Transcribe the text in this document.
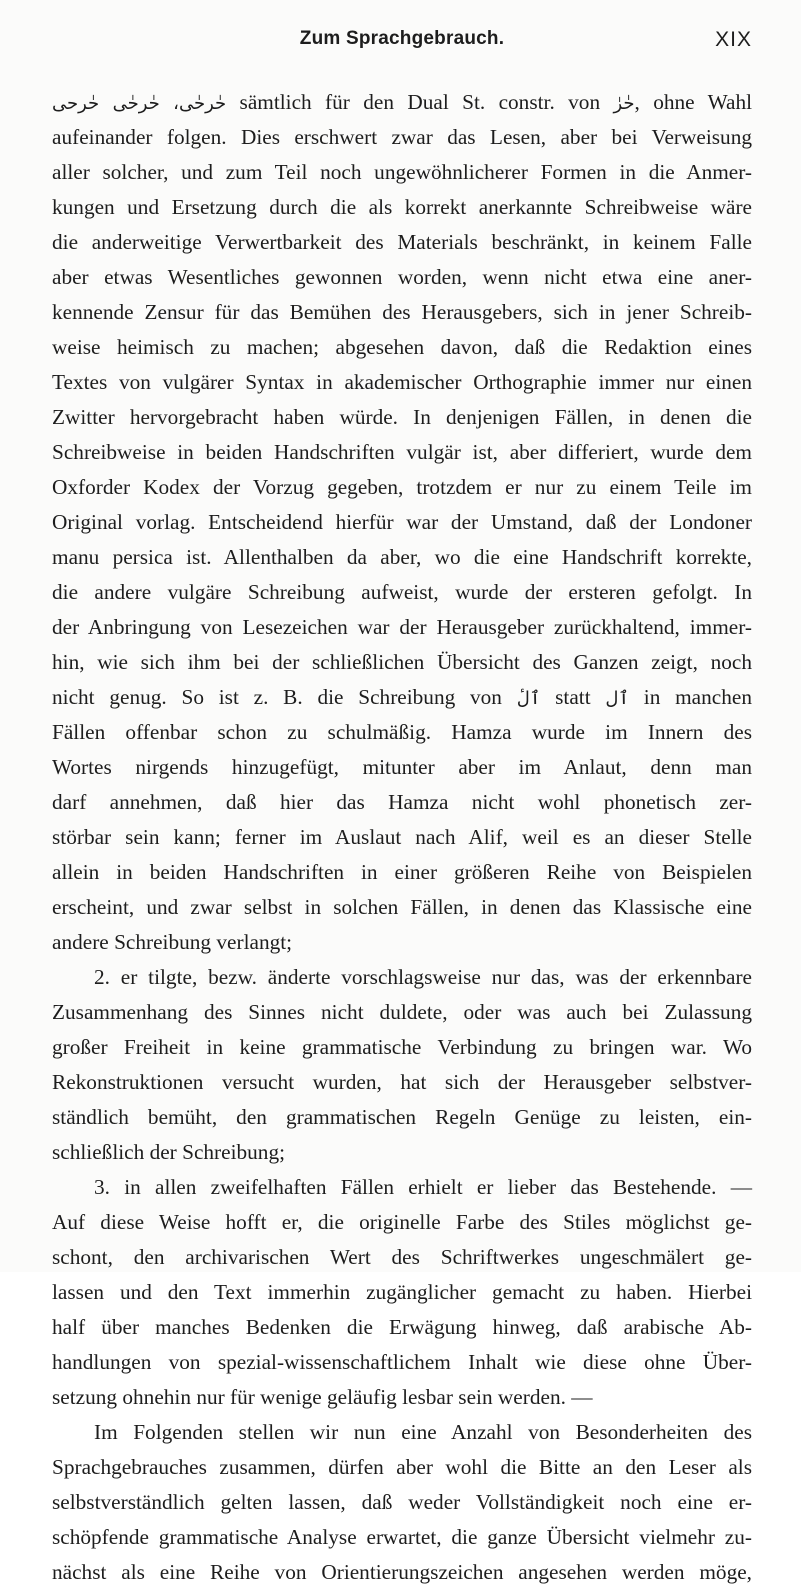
Zum Sprachgebrauch.	XIX
حٰرحى حٰرحٰى حٰرحٰى، sämtlich für den Dual St. constr. von حٰرٰ, ohne Wahl
aufeinander folgen. Dies erschwert zwar das Lesen, aber bei Verweisung
aller solcher, und zum Teil noch ungewöhnlicherer Formen in die Anmer-
kungen und Ersetzung durch die als korrekt anerkannte Schreibweise wäre
die anderweitige Verwertbarkeit des Materials beschränkt, in keinem Falle
aber etwas Wesentliches gewonnen worden, wenn nicht etwa eine aner-
kennende Zensur für das Bemühen des Herausgebers, sich in jener Schreib-
weise heimisch zu machen; abgesehen davon, daß die Redaktion eines
Textes von vulgärer Syntax in akademischer Orthographie immer nur einen
Zwitter hervorgebracht haben würde. In denjenigen Fällen, in denen die
Schreibweise in beiden Handschriften vulgär ist, aber differiert, wurde dem
Oxforder Kodex der Vorzug gegeben, trotzdem er nur zu einem Teile im
Original vorlag. Entscheidend hierfür war der Umstand, daß der Londoner
manu persica ist. Allenthalben da aber, wo die eine Handschrift korrekte,
die andere vulgäre Schreibung aufweist, wurde der ersteren gefolgt. In
der Anbringung von Lesezeichen war der Herausgeber zurückhaltend, immer-
hin, wie sich ihm bei der schließlichen Übersicht des Ganzen zeigt, noch
nicht genug. So ist z. B. die Schreibung von ٱلٔ statt ٱل in manchen
Fällen offenbar schon zu schulmäßig. Hamza wurde im Innern des
Wortes nirgends hinzugefügt, mitunter aber im Anlaut, denn man
darf annehmen, daß hier das Hamza nicht wohl phonetisch zer-
störbar sein kann; ferner im Auslaut nach Alif, weil es an dieser Stelle
allein in beiden Handschriften in einer größeren Reihe von Beispielen
erscheint, und zwar selbst in solchen Fällen, in denen das Klassische eine
andere Schreibung verlangt;
2. er tilgte, bezw. änderte vorschlagsweise nur das, was der erkennbare
Zusammenhang des Sinnes nicht duldete, oder was auch bei Zulassung
großer Freiheit in keine grammatische Verbindung zu bringen war. Wo
Rekonstruktionen versucht wurden, hat sich der Herausgeber selbstver-
ständlich bemüht, den grammatischen Regeln Genüge zu leisten, ein-
schließlich der Schreibung;
3. in allen zweifelhaften Fällen erhielt er lieber das Bestehende. —
Auf diese Weise hofft er, die originelle Farbe des Stiles möglichst ge-
schont, den archivarischen Wert des Schriftwerkes ungeschmälert ge-
lassen und den Text immerhin zugänglicher gemacht zu haben. Hierbei
half über manches Bedenken die Erwägung hinweg, daß arabische Ab-
handlungen von spezial-wissenschaftlichem Inhalt wie diese ohne Über-
setzung ohnehin nur für wenige geläufig lesbar sein werden. —
Im Folgenden stellen wir nun eine Anzahl von Besonderheiten des
Sprachgebrauches zusammen, dürfen aber wohl die Bitte an den Leser als
selbstverständlich gelten lassen, daß weder Vollständigkeit noch eine er-
schöpfende grammatische Analyse erwartet, die ganze Übersicht vielmehr zu-
nächst als eine Reihe von Orientierungszeichen angesehen werden möge,
